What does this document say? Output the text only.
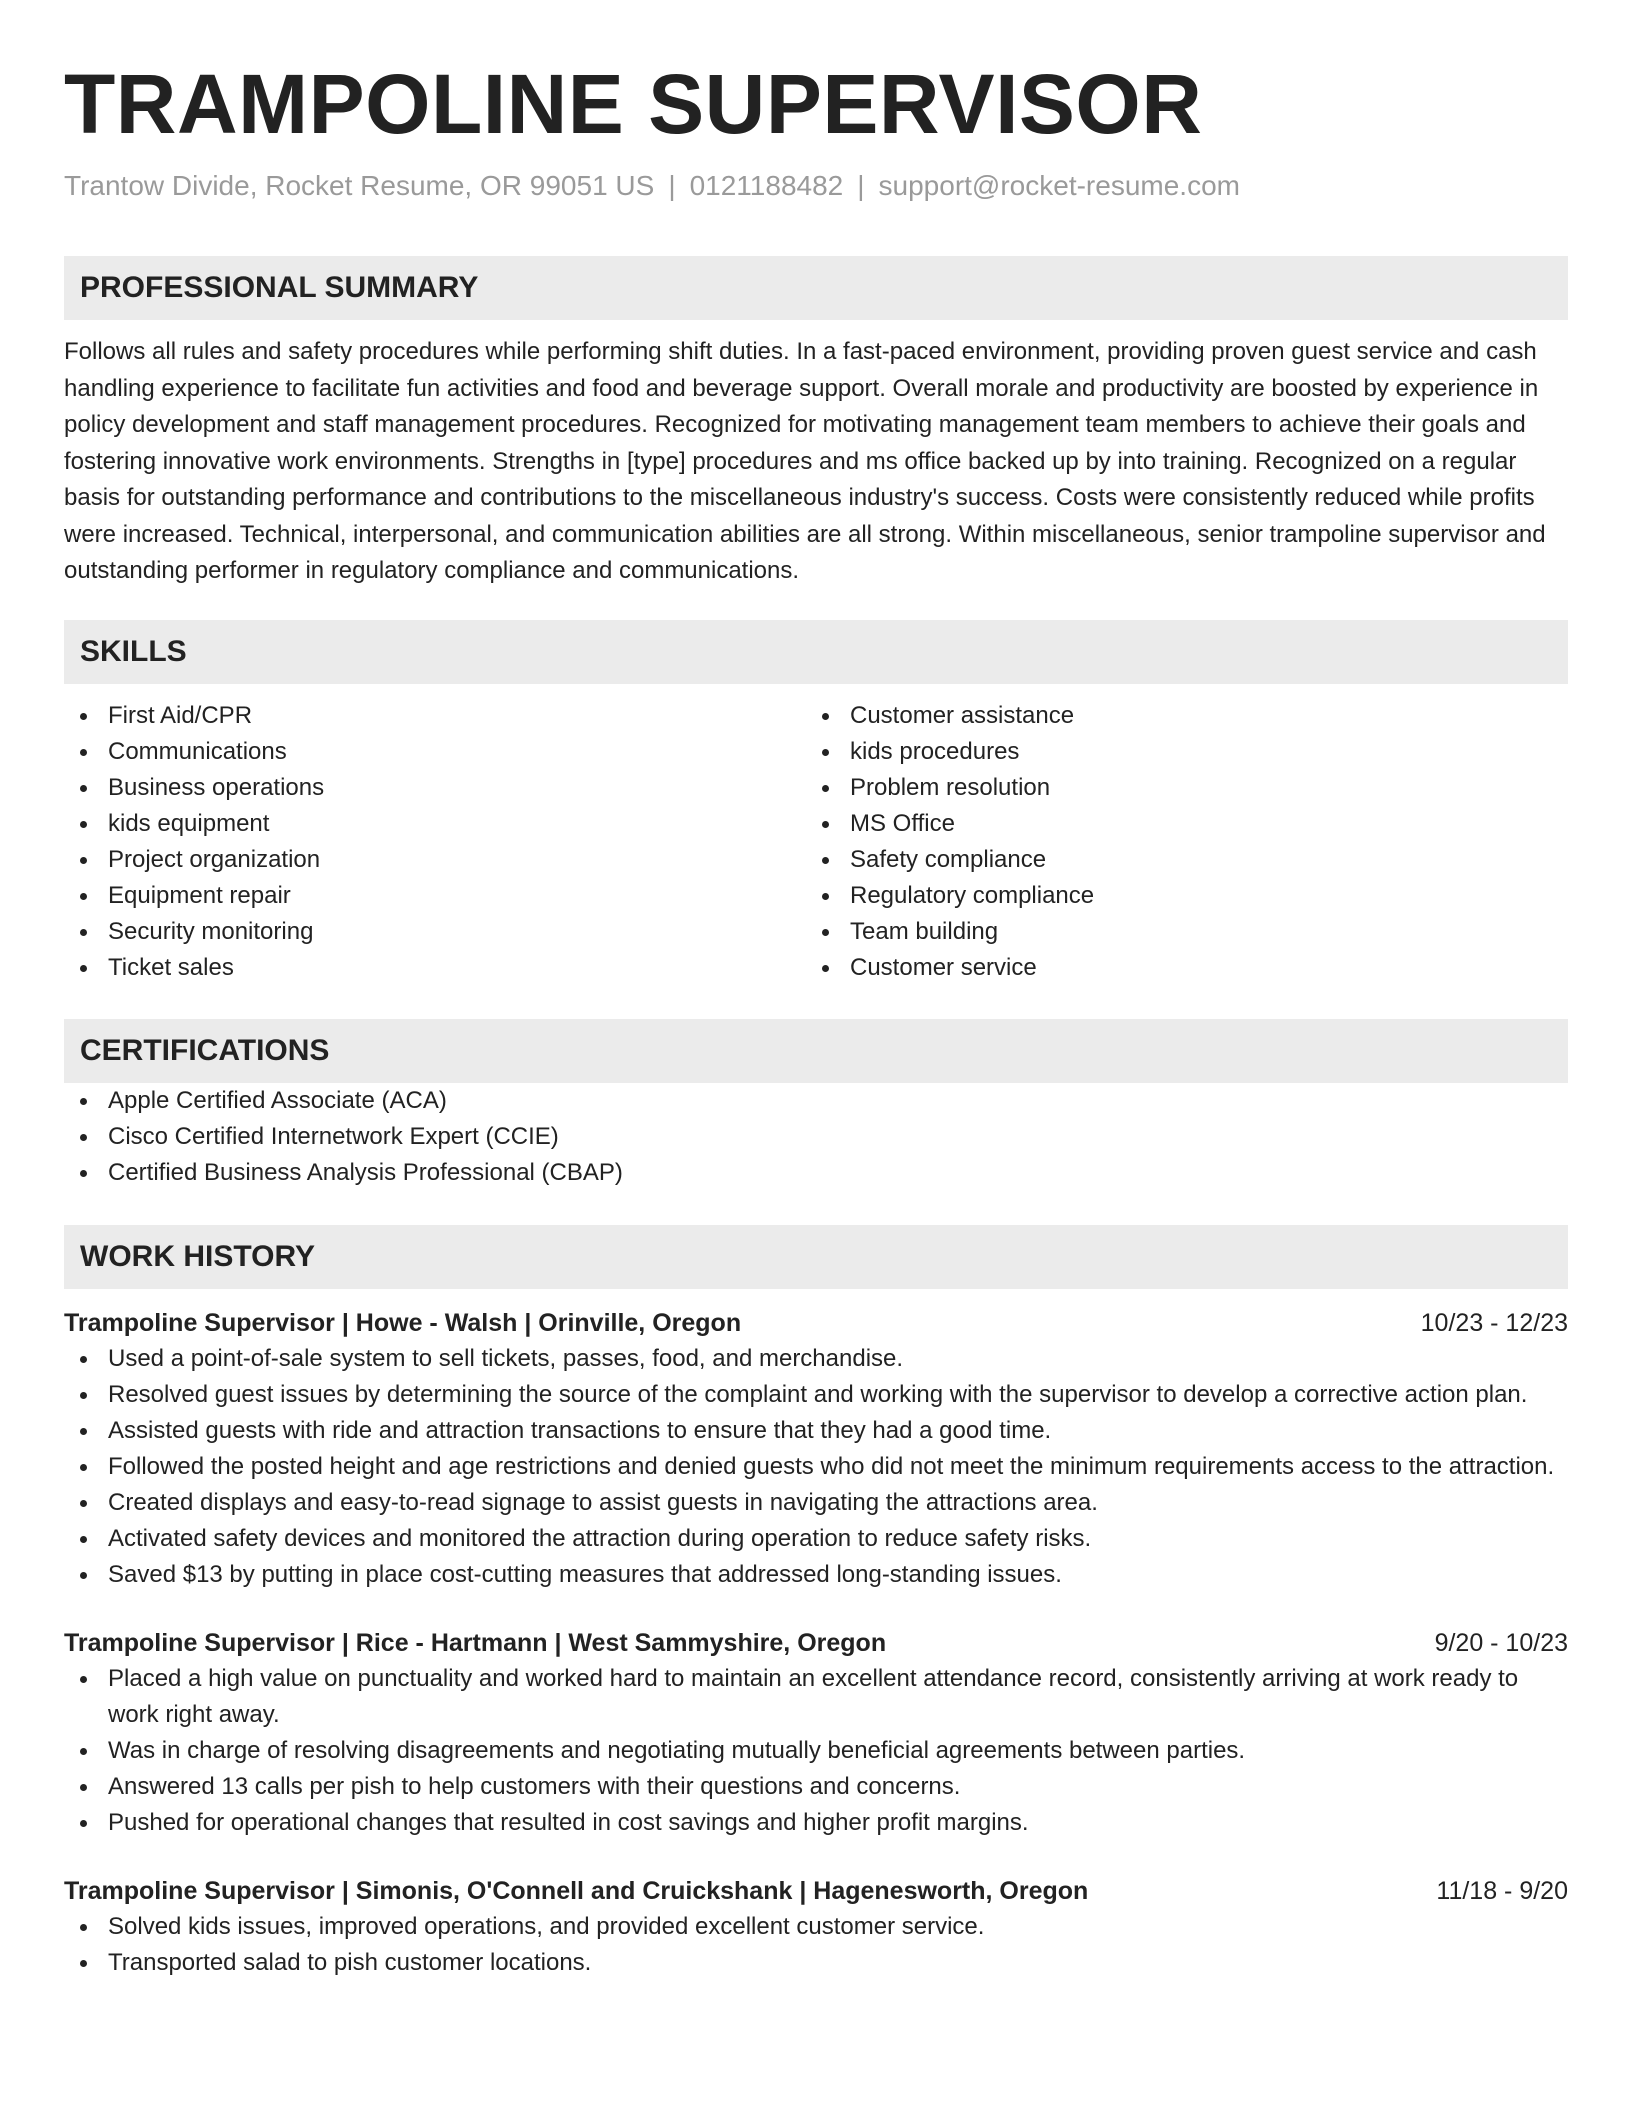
TRAMPOLINE SUPERVISOR
Trantow Divide, Rocket Resume, OR 99051 US | 0121188482 | support@rocket-resume.com
PROFESSIONAL SUMMARY

Follows all rules and safety procedures while performing shift duties. In a fast-paced environment, providing proven guest service and cash handling experience to facilitate fun activities and food and beverage support. Overall morale and productivity are boosted by experience in policy development and staff management procedures. Recognized for motivating management team members to achieve their goals and fostering innovative work environments. Strengths in [type] procedures and ms office backed up by into training. Recognized on a regular basis for outstanding performance and contributions to the miscellaneous industry's success. Costs were consistently reduced while profits were increased. Technical, interpersonal, and communication abilities are all strong. Within miscellaneous, senior trampoline supervisor and outstanding performer in regulatory compliance and communications.

SKILLS
First Aid/CPR
Communications
Business operations
kids equipment
Project organization
Equipment repair
Security monitoring
Ticket sales
Customer assistance
kids procedures
Problem resolution
MS Office
Safety compliance
Regulatory compliance
Team building
Customer service
CERTIFICATIONS
Apple Certified Associate (ACA)
Cisco Certified Internetwork Expert (CCIE)
Certified Business Analysis Professional (CBAP)
WORK HISTORY
Trampoline Supervisor | Howe - Walsh | Orinville, Oregon	10/23 - 12/23
Used a point-of-sale system to sell tickets, passes, food, and merchandise.
Resolved guest issues by determining the source of the complaint and working with the supervisor to develop a corrective action plan.
Assisted guests with ride and attraction transactions to ensure that they had a good time.
Followed the posted height and age restrictions and denied guests who did not meet the minimum requirements access to the attraction.
Created displays and easy-to-read signage to assist guests in navigating the attractions area.
Activated safety devices and monitored the attraction during operation to reduce safety risks.
Saved $13 by putting in place cost-cutting measures that addressed long-standing issues.
Trampoline Supervisor | Rice - Hartmann | West Sammyshire, Oregon	9/20 - 10/23
Placed a high value on punctuality and worked hard to maintain an excellent attendance record, consistently arriving at work ready to work right away.
Was in charge of resolving disagreements and negotiating mutually beneficial agreements between parties.
Answered 13 calls per pish to help customers with their questions and concerns.
Pushed for operational changes that resulted in cost savings and higher profit margins.
Trampoline Supervisor | Simonis, O'Connell and Cruickshank | Hagenesworth, Oregon	11/18 - 9/20
Solved kids issues, improved operations, and provided excellent customer service.
Transported salad to pish customer locations.
